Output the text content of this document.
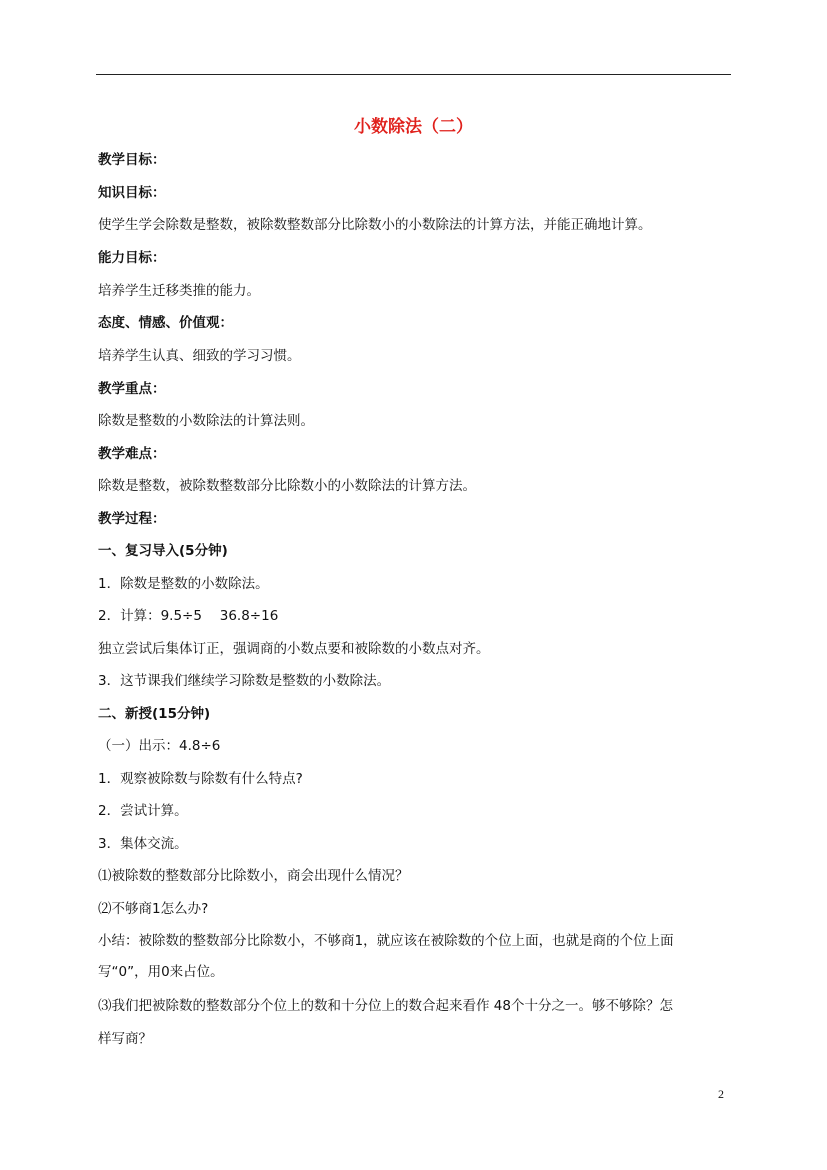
小数除法（二）
教学目标：
知识目标：
使学生学会除数是整数，被除数整数部分比除数小的小数除法的计算方法，并能正确地计算。
能力目标：
培养学生迁移类推的能力。
态度、情感、价值观：
培养学生认真、细致的学习习惯。
教学重点：
除数是整数的小数除法的计算法则。
教学难点：
除数是整数，被除数整数部分比除数小的小数除法的计算方法。
教学过程：
一、复习导入(5分钟)
1．除数是整数的小数除法。
2．计算：9.5÷5　 36.8÷16
独立尝试后集体订正，强调商的小数点要和被除数的小数点对齐。
3．这节课我们继续学习除数是整数的小数除法。
二、新授(15分钟)
（一）出示：4.8÷6
1．观察被除数与除数有什么特点?
2．尝试计算。
3．集体交流。
⑴被除数的整数部分比除数小，商会出现什么情况？
⑵不够商1怎么办?
小结：被除数的整数部分比除数小，不够商1，就应该在被除数的个位上面，也就是商的个位上面
写“0”，用0来占位。
⑶我们把被除数的整数部分个位上的数和十分位上的数合起来看作 48个十分之一。够不够除？怎
样写商？
2
